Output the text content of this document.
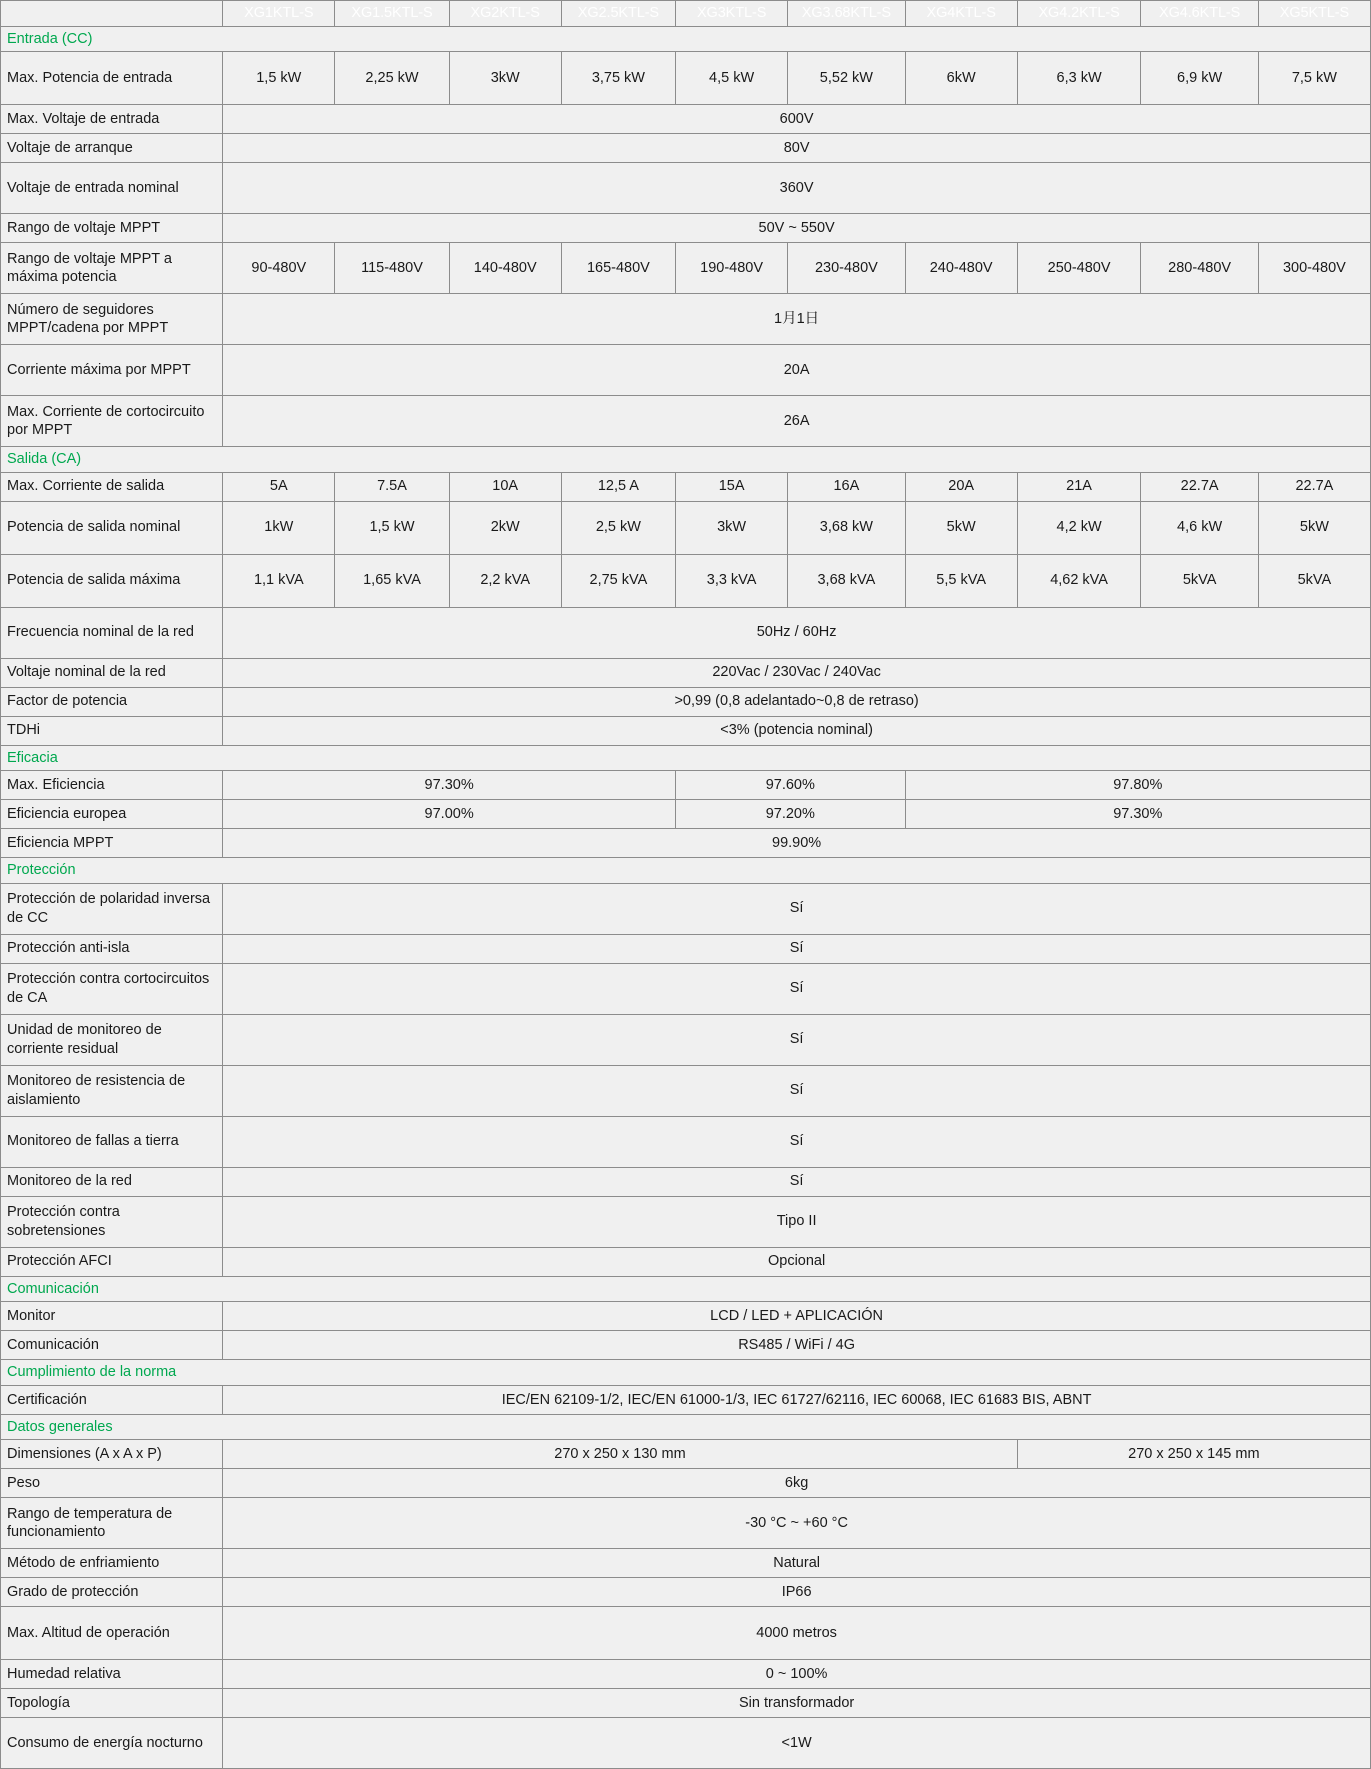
	XG1KTL-S	XG1.5KTL-S	XG2KTL-S	XG2.5KTL-S	XG3KTL-S	XG3.68KTL-S	XG4KTL-S	XG4.2KTL-S	XG4.6KTL-S	XG5KTL-S
Entrada (CC)										
Max. Potencia de entrada	1,5 kW	2,25 kW	3kW	3,75 kW	4,5 kW	5,52 kW	6kW	6,3 kW	6,9 kW	7,5 kW
Max. Voltaje de entrada	600V									
Voltaje de arranque	80V									
Voltaje de entrada nominal	360V									
Rango de voltaje MPPT	50V ~ 550V									
Rango de voltaje MPPT a máxima potencia	90-480V	115-480V	140-480V	165-480V	190-480V	230-480V	240-480V	250-480V	280-480V	300-480V
Número de seguidores MPPT/cadena por MPPT	1月1日									
Corriente máxima por MPPT	20A									
Max. Corriente de cortocircuito por MPPT	26A									
Salida (CA)										
Max. Corriente de salida	5A	7.5A	10A	12,5 A	15A	16A	20A	21A	22.7A	22.7A
Potencia de salida nominal	1kW	1,5 kW	2kW	2,5 kW	3kW	3,68 kW	5kW	4,2 kW	4,6 kW	5kW
Potencia de salida máxima	1,1 kVA	1,65 kVA	2,2 kVA	2,75 kVA	3,3 kVA	3,68 kVA	5,5 kVA	4,62 kVA	5kVA	5kVA
Frecuencia nominal de la red	50Hz / 60Hz									
Voltaje nominal de la red	220Vac / 230Vac / 240Vac									
Factor de potencia	>0,99 (0,8 adelantado~0,8 de retraso)									
TDHi	<3% (potencia nominal)									
Eficacia										
Max. Eficiencia	97.30%				97.60%		97.80%			
Eficiencia europea	97.00%				97.20%		97.30%			
Eficiencia MPPT	99.90%									
Protección										
Protección de polaridad inversa de CC	Sí									
Protección anti-isla	Sí									
Protección contra cortocircuitos de CA	Sí									
Unidad de monitoreo de corriente residual	Sí									
Monitoreo de resistencia de aislamiento	Sí									
Monitoreo de fallas a tierra	Sí									
Monitoreo de la red	Sí									
Protección contra sobretensiones	Tipo II									
Protección AFCI	Opcional									
Comunicación										
Monitor	LCD / LED + APLICACIÓN									
Comunicación	RS485 / WiFi / 4G									
Cumplimiento de la norma										
Certificación	IEC/EN 62109-1/2, IEC/EN 61000-1/3, IEC 61727/62116, IEC 60068, IEC 61683 BIS, ABNT									
Datos generales										
Dimensiones (A x A x P)	270 x 250 x 130 mm							270 x 250 x 145 mm		
Peso	6kg									
Rango de temperatura de funcionamiento	-30 °C ~ +60 °C									
Método de enfriamiento	Natural									
Grado de protección	IP66									
Max. Altitud de operación	4000 metros									
Humedad relativa	0 ~ 100%									
Topología	Sin transformador									
Consumo de energía nocturno	<1W									
